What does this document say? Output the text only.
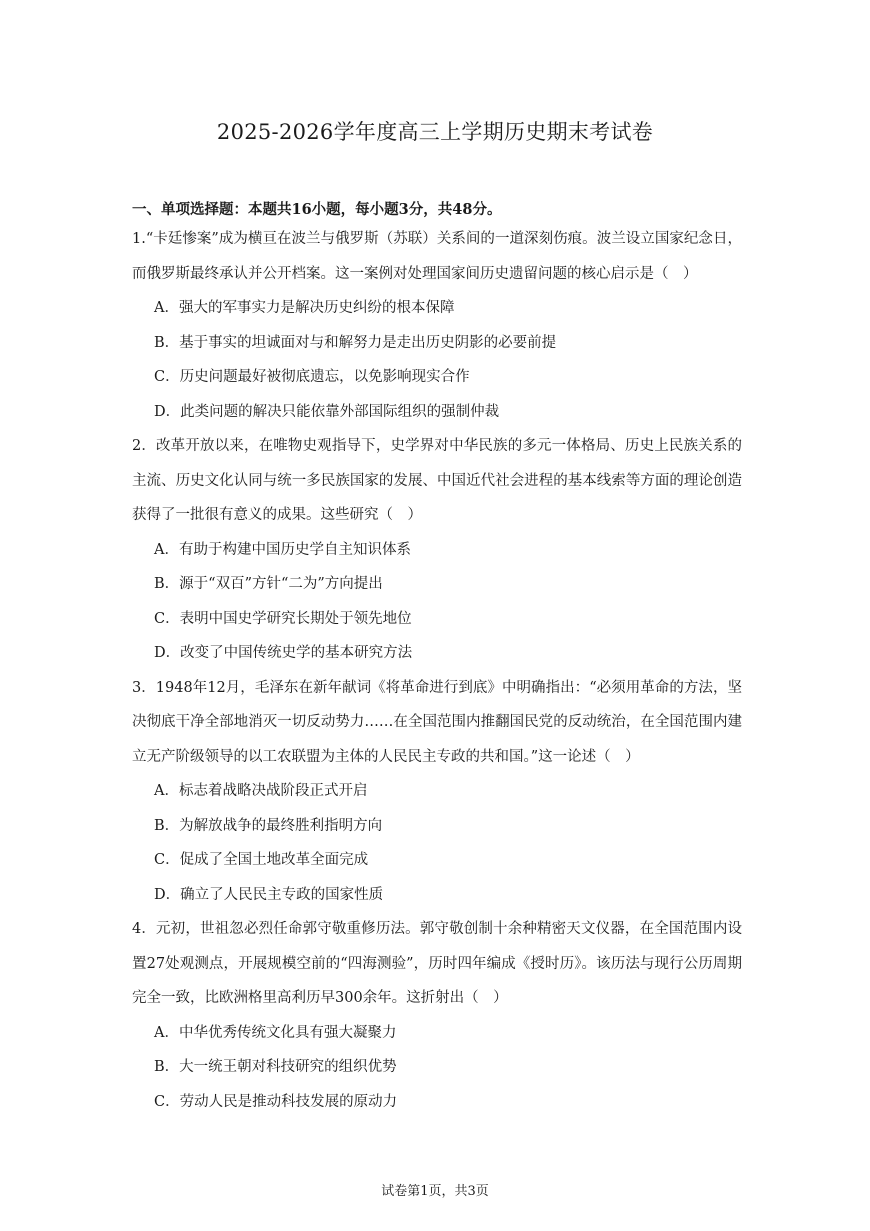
2025-2026学年度高三上学期历史期末考试卷

一、单项选择题：本题共16小题，每小题3分，共48分。

1.“卡廷惨案”成为横亘在波兰与俄罗斯（苏联）关系间的一道深刻伤痕。波兰设立国家纪念日，而俄罗斯最终承认并公开档案。这一案例对处理国家间历史遗留问题的核心启示是（　）

A．强大的军事实力是解决历史纠纷的根本保障

B．基于事实的坦诚面对与和解努力是走出历史阴影的必要前提

C．历史问题最好被彻底遗忘，以免影响现实合作

D．此类问题的解决只能依靠外部国际组织的强制仲裁

2．改革开放以来，在唯物史观指导下，史学界对中华民族的多元一体格局、历史上民族关系的主流、历史文化认同与统一多民族国家的发展、中国近代社会进程的基本线索等方面的理论创造获得了一批很有意义的成果。这些研究（　）

A．有助于构建中国历史学自主知识体系

B．源于“双百”方针“二为”方向提出

C．表明中国史学研究长期处于领先地位

D．改变了中国传统史学的基本研究方法

3．1948年12月，毛泽东在新年献词《将革命进行到底》中明确指出：“必须用革命的方法，坚决彻底干净全部地消灭一切反动势力……在全国范围内推翻国民党的反动统治，在全国范围内建立无产阶级领导的以工农联盟为主体的人民民主专政的共和国。”这一论述（　）

A．标志着战略决战阶段正式开启

B．为解放战争的最终胜利指明方向

C．促成了全国土地改革全面完成

D．确立了人民民主专政的国家性质

4．元初，世祖忽必烈任命郭守敬重修历法。郭守敬创制十余种精密天文仪器，在全国范围内设置27处观测点，开展规模空前的“四海测验”，历时四年编成《授时历》。该历法与现行公历周期完全一致，比欧洲格里高利历早300余年。这折射出（　）

A．中华优秀传统文化具有强大凝聚力

B．大一统王朝对科技研究的组织优势

C．劳动人民是推动科技发展的原动力

试卷第1页，共3页
